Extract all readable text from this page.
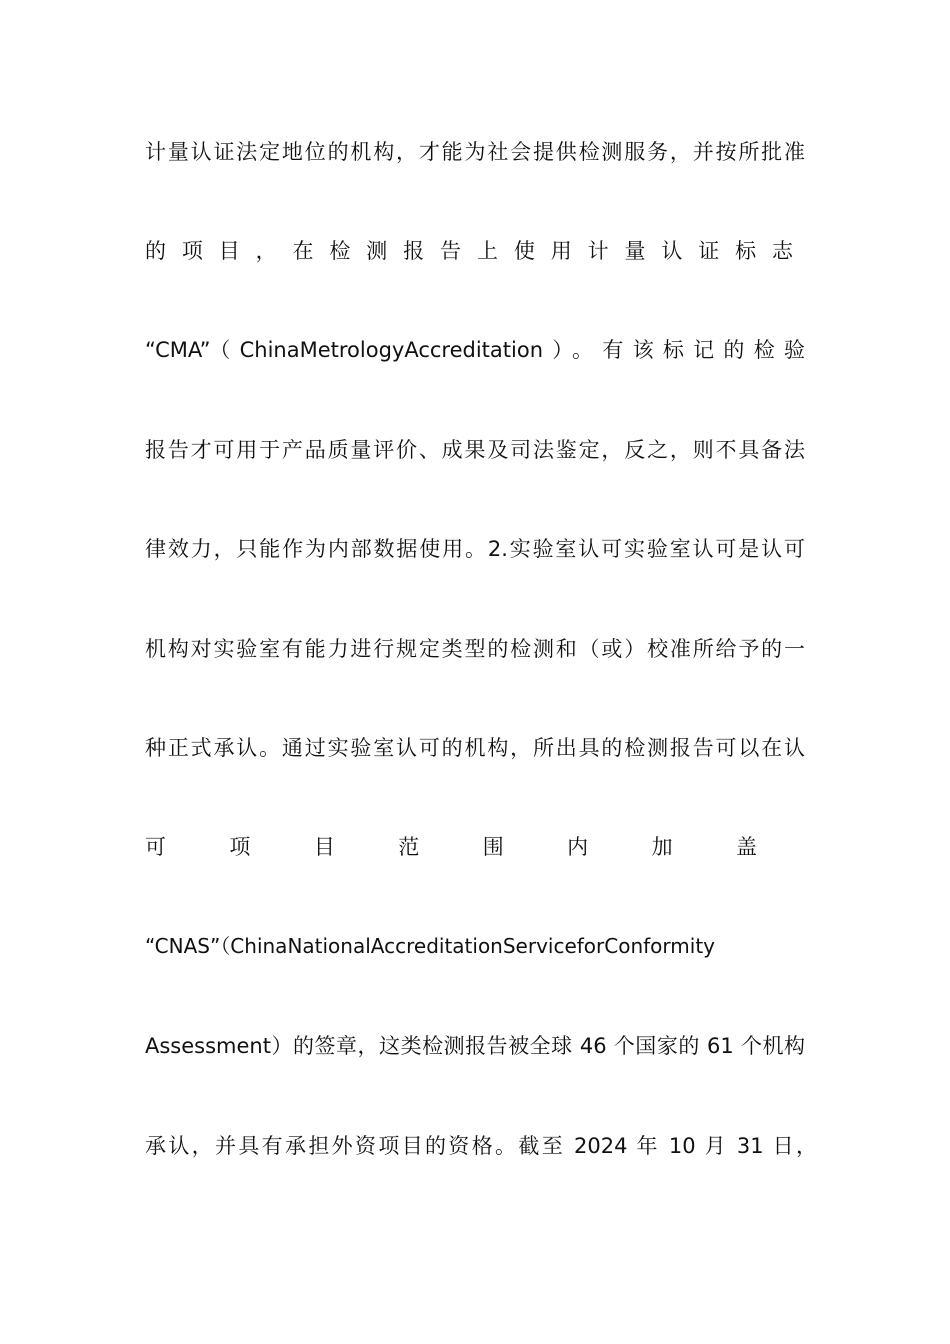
计量认证法定地位的机构，才能为社会提供检测服务，并按所批准
的项目，在检测报告上使用计量认证标志
“CMA”（ChinaMetrologyAccreditation）。有该标记的检验
报告才可用于产品质量评价、成果及司法鉴定，反之，则不具备法
律效力，只能作为内部数据使用。2.实验室认可实验室认可是认可
机构对实验室有能力进行规定类型的检测和（或）校准所给予的一
种正式承认。通过实验室认可的机构，所出具的检测报告可以在认
可项目范围内加盖
“CNAS”（ChinaNationalAccreditationServiceforConformity
Assessment）的签章，这类检测报告被全球 46 个国家的 61 个机构
承认，并具有承担外资项目的资格。截至 2024 年 10 月 31 日，
